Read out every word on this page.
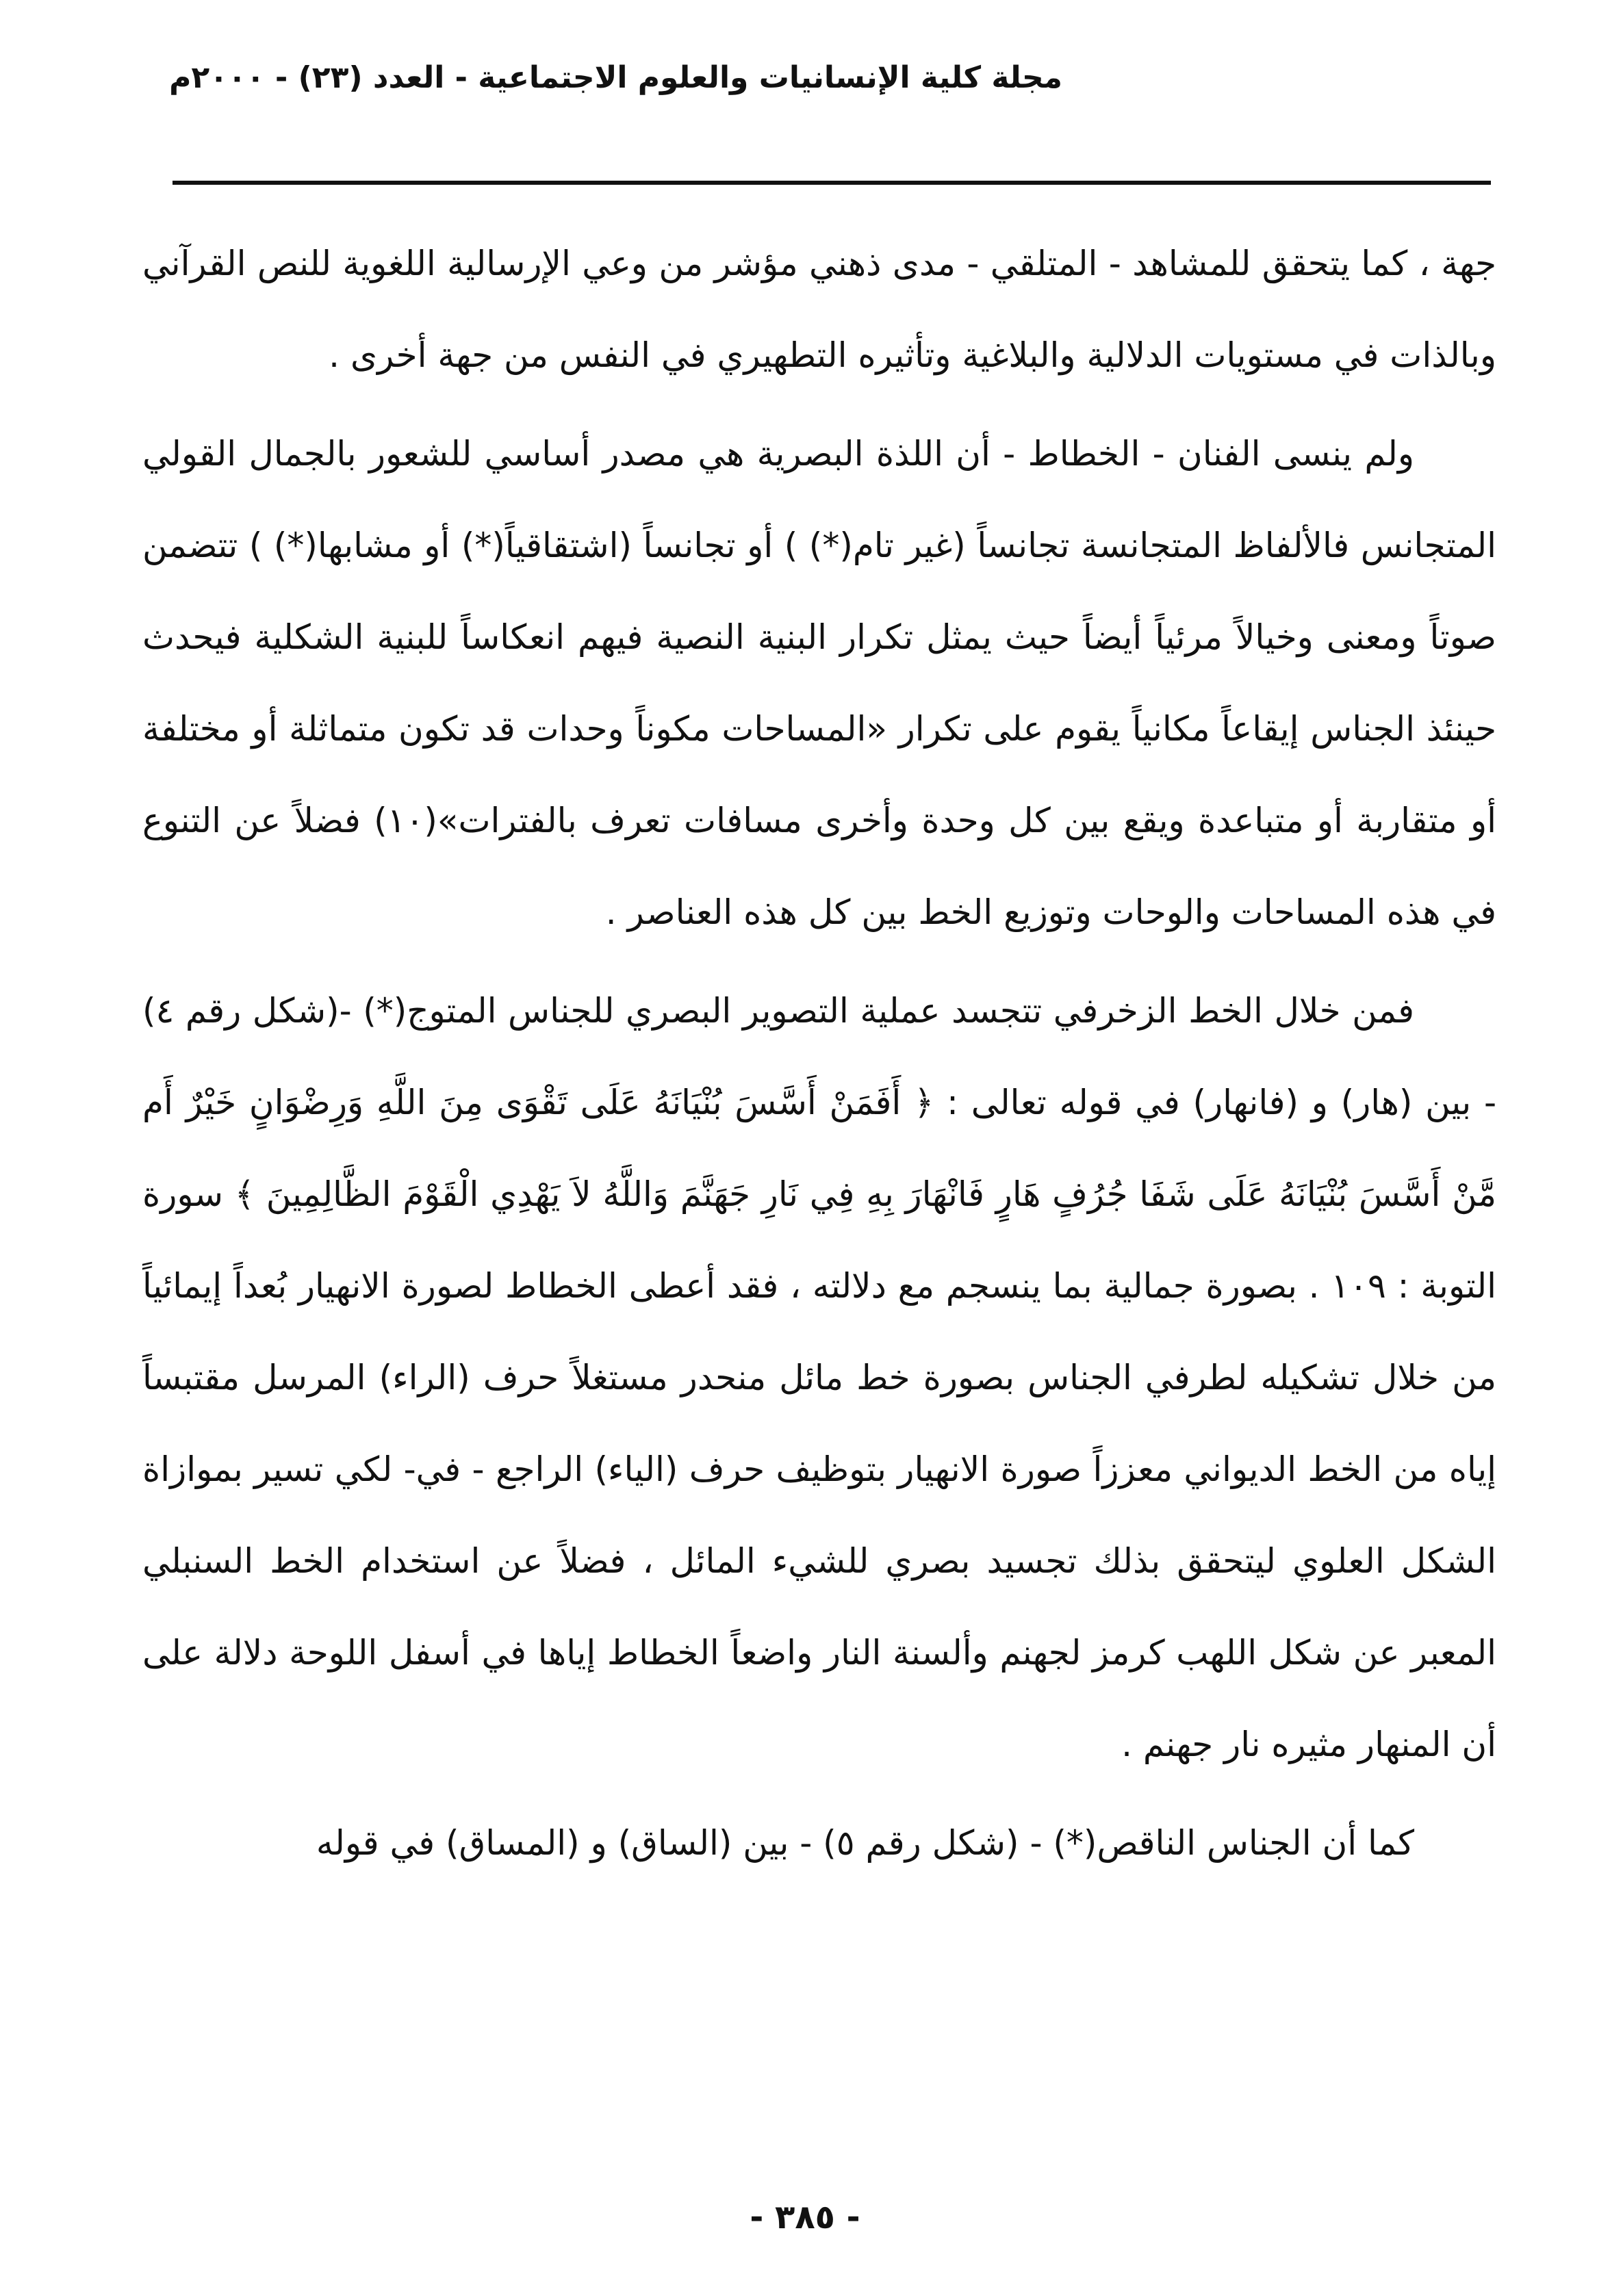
مجلة كلية الإنسانيات والعلوم الاجتماعية - العدد (٢٣) - ٢٠٠٠م

جهة ، كما يتحقق للمشاهد - المتلقي - مدى ذهني مؤشر من وعي الإرسالية اللغوية للنص القرآني وبالذات في مستويات الدلالية والبلاغية وتأثيره التطهيري في النفس من جهة أخرى .

ولم ينسى الفنان - الخطاط - أن اللذة البصرية هي مصدر أساسي للشعور بالجمال القولي المتجانس فالألفاظ المتجانسة تجانساً (غير تام(*) ) أو تجانساً (اشتقاقياً(*) أو مشابها(*) ) تتضمن صوتاً ومعنى وخيالاً مرئياً أيضاً حيث يمثل تكرار البنية النصية فيهم انعكاساً للبنية الشكلية فيحدث حينئذ الجناس إيقاعاً مكانياً يقوم على تكرار «المساحات مكوناً وحدات قد تكون متماثلة أو مختلفة أو متقاربة أو متباعدة ويقع بين كل وحدة وأخرى مسافات تعرف بالفترات»(١٠) فضلاً عن التنوع في هذه المساحات والوحات وتوزيع الخط بين كل هذه العناصر .

فمن خلال الخط الزخرفي تتجسد عملية التصوير البصري للجناس المتوج(*) -(شكل رقم ٤) - بين (هار) و (فانهار) في قوله تعالى : ﴿ أَفَمَنْ أَسَّسَ بُنْيَانَهُ عَلَى تَقْوَى مِنَ اللَّهِ وَرِضْوَانٍ خَيْرٌ أَم مَّنْ أَسَّسَ بُنْيَانَهُ عَلَى شَفَا جُرُفٍ هَارٍ فَانْهَارَ بِهِ فِي نَارِ جَهَنَّمَ وَاللَّهُ لاَ يَهْدِي الْقَوْمَ الظَّالِمِينَ ﴾ سورة التوبة : ١٠٩ . بصورة جمالية بما ينسجم مع دلالته ، فقد أعطى الخطاط لصورة الانهيار بُعداً إيمائياً من خلال تشكيله لطرفي الجناس بصورة خط مائل منحدر مستغلاً حرف (الراء) المرسل مقتبساً إياه من الخط الديواني معززاً صورة الانهيار بتوظيف حرف (الياء) الراجع - في- لكي تسير بموازاة الشكل العلوي ليتحقق بذلك تجسيد بصري للشيء المائل ، فضلاً عن استخدام الخط السنبلي المعبر عن شكل اللهب كرمز لجهنم وألسنة النار واضعاً الخطاط إياها في أسفل اللوحة دلالة على أن المنهار مثيره نار جهنم .

كما أن الجناس الناقص(*) - (شكل رقم ٥) - بين (الساق) و (المساق) في قوله

- ٣٨٥ -
